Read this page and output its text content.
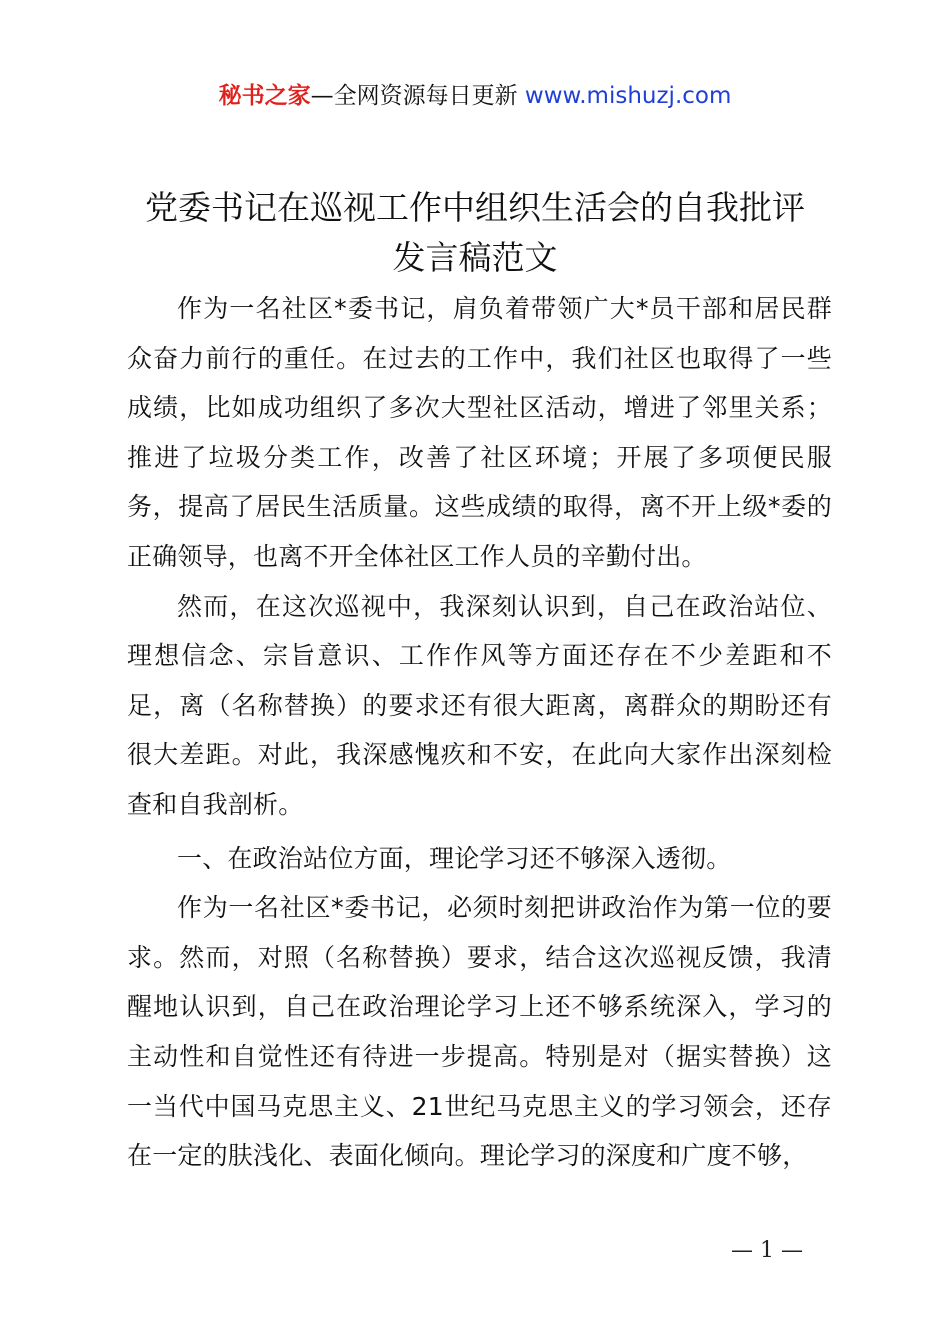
秘书之家—全网资源每日更新 www.mishuzj.com
党委书记在巡视工作中组织生活会的自我批评
发言稿范文

作为一名社区*委书记，肩负着带领广大*员干部和居民群众奋力前行的重任。在过去的工作中，我们社区也取得了一些成绩，比如成功组织了多次大型社区活动，增进了邻里关系；推进了垃圾分类工作，改善了社区环境；开展了多项便民服务，提高了居民生活质量。这些成绩的取得，离不开上级*委的正确领导，也离不开全体社区工作人员的辛勤付出。

然而，在这次巡视中，我深刻认识到，自己在政治站位、理想信念、宗旨意识、工作作风等方面还存在不少差距和不足，离（名称替换）的要求还有很大距离，离群众的期盼还有很大差距。对此，我深感愧疚和不安，在此向大家作出深刻检查和自我剖析。

一、在政治站位方面，理论学习还不够深入透彻。

作为一名社区*委书记，必须时刻把讲政治作为第一位的要求。然而，对照（名称替换）要求，结合这次巡视反馈，我清醒地认识到，自己在政治理论学习上还不够系统深入，学习的主动性和自觉性还有待进一步提高。特别是对（据实替换）这一当代中国马克思主义、21世纪马克思主义的学习领会，还存在一定的肤浅化、表面化倾向。理论学习的深度和广度不够，

— 1 —
